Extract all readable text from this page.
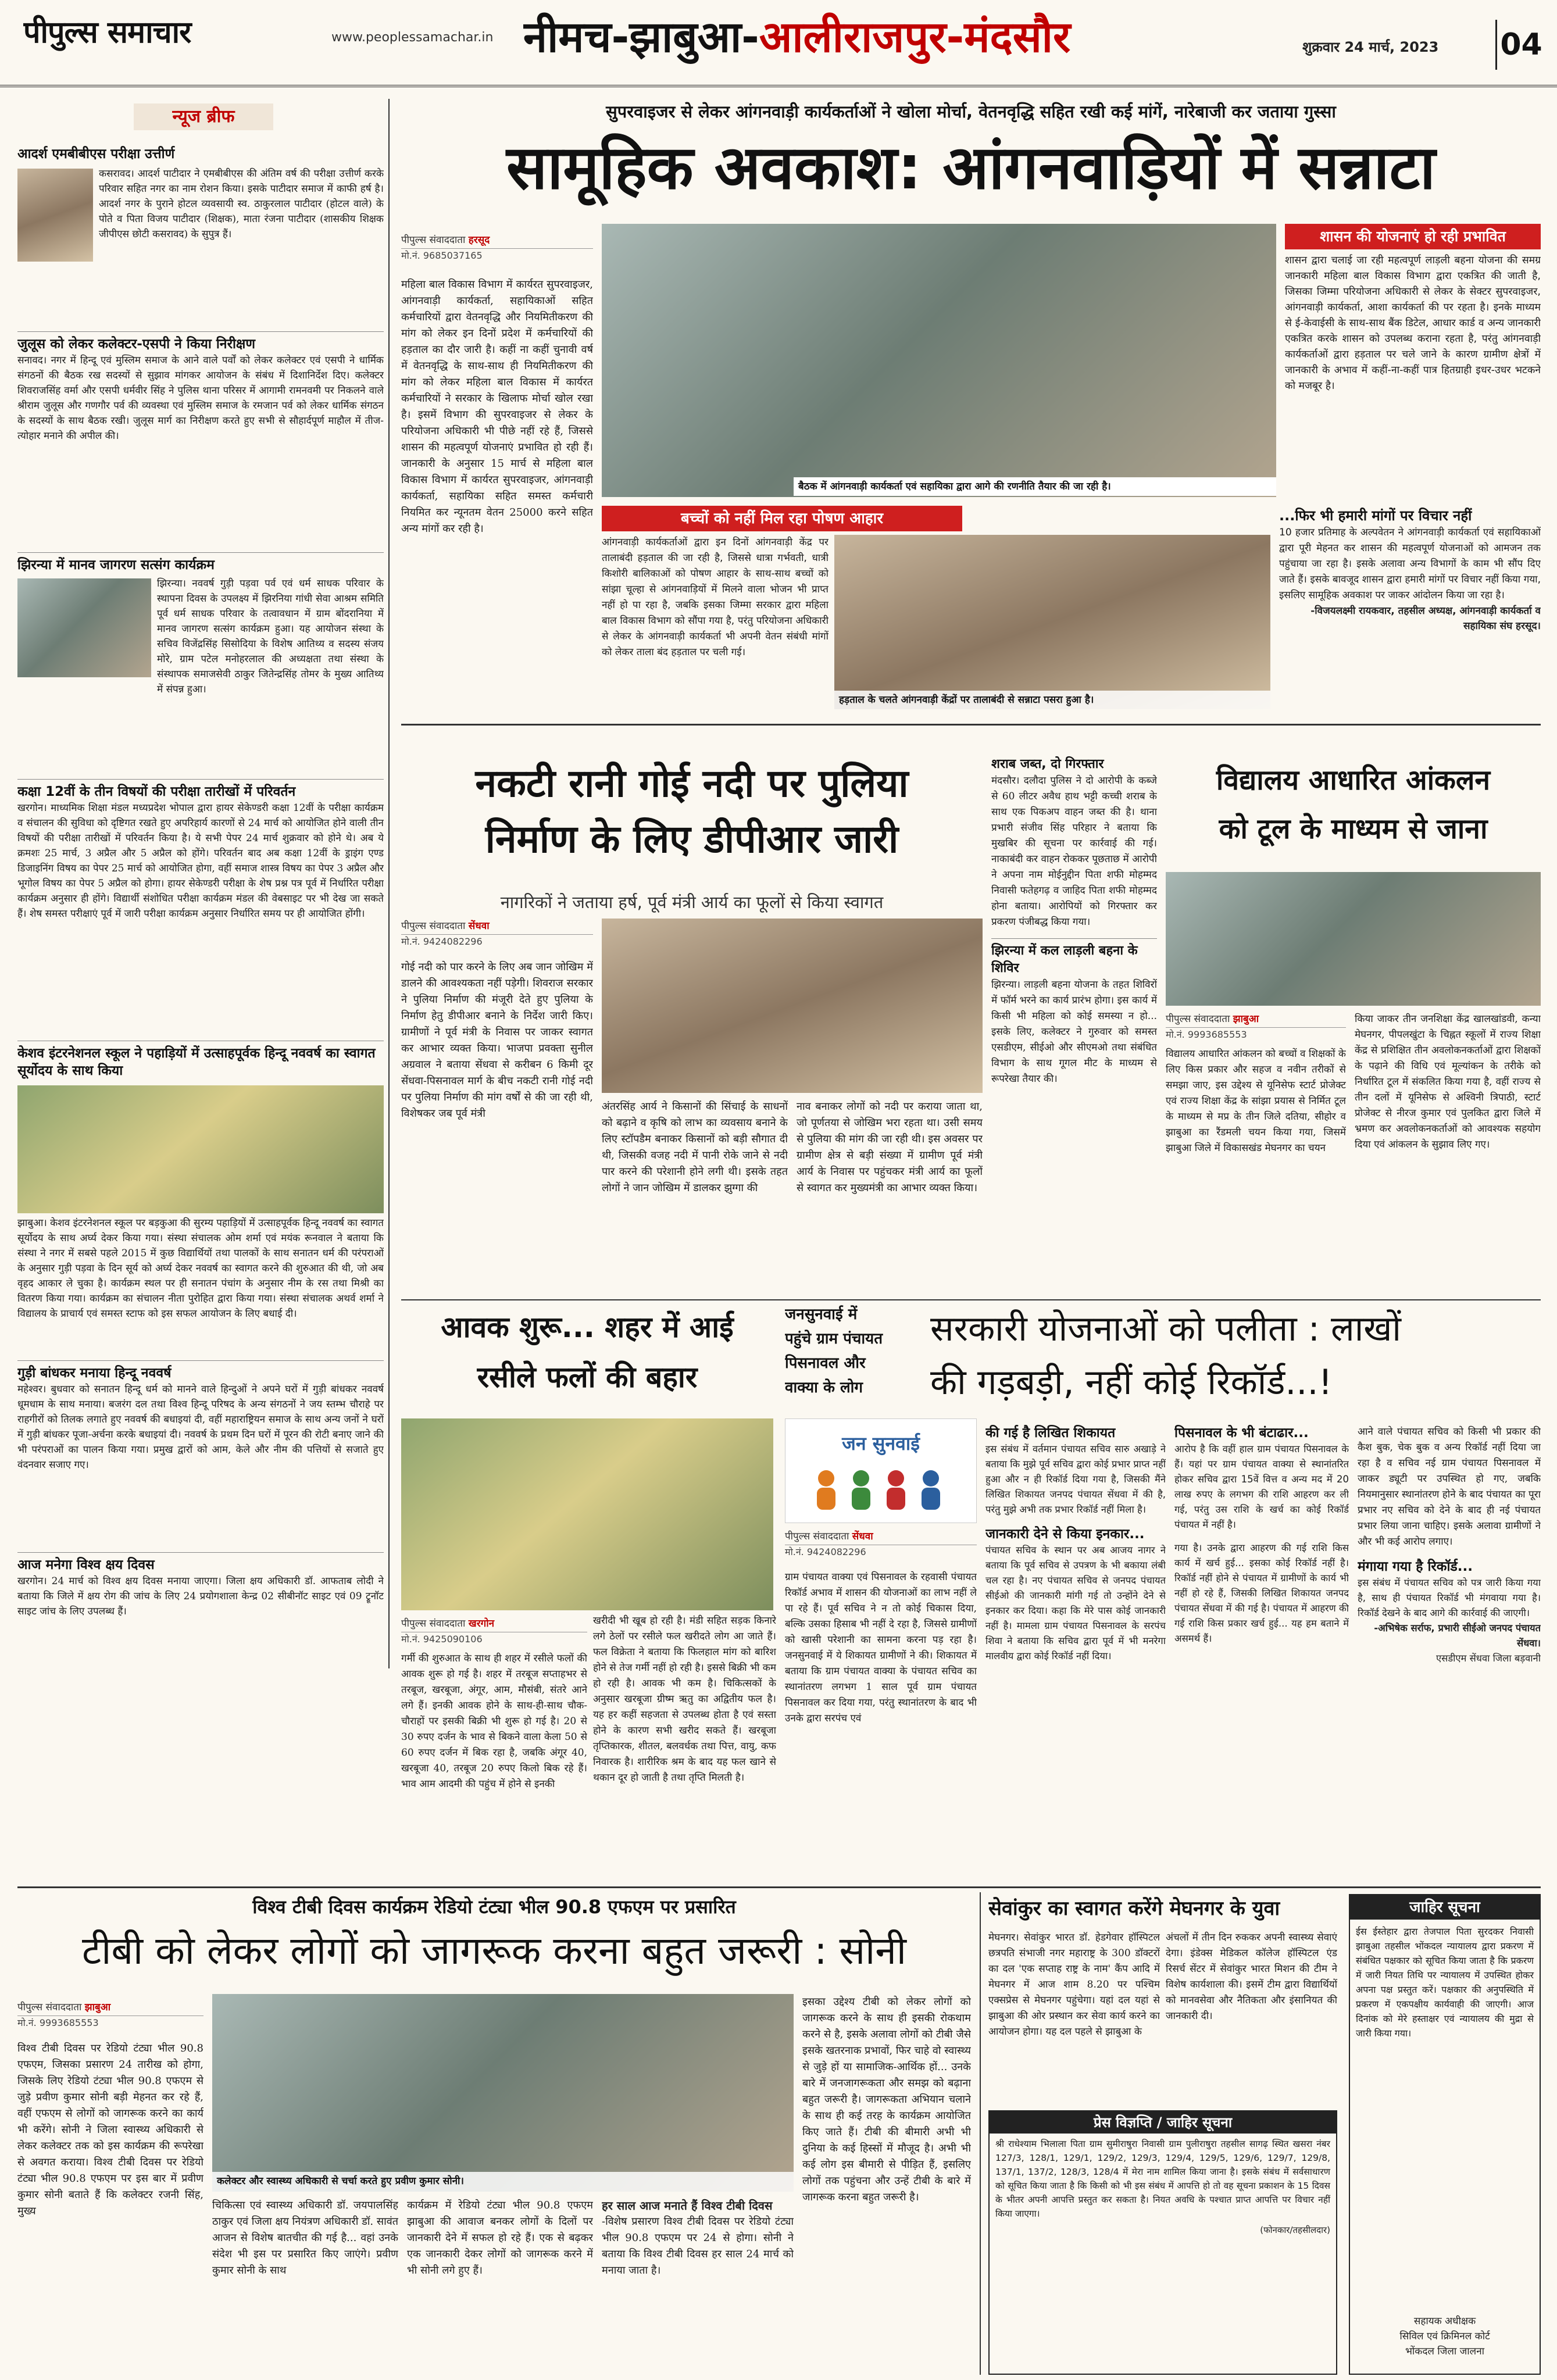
पीपुल्स समाचार	www.peoplessamachar.in नीमच-झाबुआ-आलीराजपुर-मंदसौर	शुक्रवार 24 मार्च, 2023	04
न्यूज ब्रीफ
आदर्श एमबीबीएस परीक्षा उत्तीर्ण
कसरावद। आदर्श पाटीदार ने एमबीबीएस की अंतिम वर्ष की परीक्षा उत्तीर्ण करके परिवार सहित नगर का नाम रोशन किया। इसके पाटीदार समाज में काफी हर्ष है। आदर्श नगर के पुराने होटल व्यवसायी स्व. ठाकुरलाल पाटीदार (होटल वाले) के पोते व पिता विजय पाटीदार (शिक्षक), माता रंजना पाटीदार (शासकीय शिक्षक जीपीएस छोटी कसरावद) के सुपुत्र हैं।
जुलूस को लेकर कलेक्टर-एसपी ने किया निरीक्षण
सनावद। नगर में हिन्दू एवं मुस्लिम समाज के आने वाले पर्वों को लेकर कलेक्टर एवं एसपी ने धार्मिक संगठनों की बैठक रख सदस्यों से सुझाव मांगकर आयोजन के संबंध में दिशानिर्देश दिए। कलेक्टर शिवराजसिंह वर्मा और एसपी धर्मवीर सिंह ने पुलिस थाना परिसर में आगामी रामनवमी पर निकलने वाले श्रीराम जुलूस और गणगौर पर्व की व्यवस्था एवं मुस्लिम समाज के रमजान पर्व को लेकर धार्मिक संगठन के सदस्यों के साथ बैठक रखी। जुलूस मार्ग का निरीक्षण करते हुए सभी से सौहार्दपूर्ण माहौल में तीज-त्योहार मनाने की अपील की।
झिरन्या में मानव जागरण सत्संग कार्यक्रम
झिरन्या। नववर्ष गुड़ी पड़वा पर्व एवं धर्म साधक परिवार के स्थापना दिवस के उपलक्ष्य में झिरनिया गांधी सेवा आश्रम समिति पूर्व धर्म साधक परिवार के तत्वावधान में ग्राम बोंदरानिया में मानव जागरण सत्संग कार्यक्रम हुआ। यह आयोजन संस्था के सचिव विजेंद्रसिंह सिसोदिया के विशेष आतिथ्य व सदस्य संजय मोरे, ग्राम पटेल मनोहरलाल की अध्यक्षता तथा संस्था के संस्थापक समाजसेवी ठाकुर जितेन्द्रसिंह तोमर के मुख्य आतिथ्य में संपन्न हुआ।
कक्षा 12वीं के तीन विषयों की परीक्षा तारीखों में परिवर्तन
खरगोन। माध्यमिक शिक्षा मंडल मध्यप्रदेश भोपाल द्वारा हायर सेकेण्डरी कक्षा 12वीं के परीक्षा कार्यक्रम व संचालन की सुविधा को दृष्टिगत रखते हुए अपरिहार्य कारणों से 24 मार्च को आयोजित होने वाली तीन विषयों की परीक्षा तारीखों में परिवर्तन किया है। ये सभी पेपर 24 मार्च शुक्रवार को होने थे। अब ये क्रमशः 25 मार्च, 3 अप्रैल और 5 अप्रैल को होंगे। परिवर्तन बाद अब कक्षा 12वीं के ड्राइंग एण्ड डिजाइनिंग विषय का पेपर 25 मार्च को आयोजित होगा, वहीं समाज शास्त्र विषय का पेपर 3 अप्रैल और भूगोल विषय का पेपर 5 अप्रैल को होगा। हायर सेकेण्डरी परीक्षा के शेष प्रश्न पत्र पूर्व में निर्धारित परीक्षा कार्यक्रम अनुसार ही होंगे। विद्यार्थी संशोधित परीक्षा कार्यक्रम मंडल की वेबसाइट पर भी देख जा सकते हैं। शेष समस्त परीक्षाएं पूर्व में जारी परीक्षा कार्यक्रम अनुसार निर्धारित समय पर ही आयोजित होंगी।
केशव इंटरनेशनल स्कूल ने पहाड़ियों में उत्साहपूर्वक हिन्दू नववर्ष का स्वागत सूर्योदय के साथ किया
झाबुआ। केशव इंटरनेशनल स्कूल पर बड़कुआ की सुरम्य पहाड़ियों में उत्साहपूर्वक हिन्दू नववर्ष का स्वागत सूर्योदय के साथ अर्घ्य देकर किया गया। संस्था संचालक ओम शर्मा एवं मयंक रूनवाल ने बताया कि संस्था ने नगर में सबसे पहले 2015 में कुछ विद्यार्थियों तथा पालकों के साथ सनातन धर्म की परंपराओं के अनुसार गुड़ी पड़वा के दिन सूर्य को अर्घ्य देकर नववर्ष का स्वागत करने की शुरुआत की थी, जो अब वृहद आकार ले चुका है। कार्यक्रम स्थल पर ही सनातन पंचांग के अनुसार नीम के रस तथा मिश्री का वितरण किया गया। कार्यक्रम का संचालन नीता पुरोहित द्वारा किया गया। संस्था संचालक अथर्व शर्मा ने विद्यालय के प्राचार्य एवं समस्त स्टाफ को इस सफल आयोजन के लिए बधाई दी।
गुड़ी बांधकर मनाया हिन्दू नववर्ष
महेश्वर। बुधवार को सनातन हिन्दू धर्म को मानने वाले हिन्दुओं ने अपने घरों में गुड़ी बांधकर नववर्ष धूमधाम के साथ मनाया। बजरंग दल तथा विश्व हिन्दू परिषद के अन्य संगठनों ने जय स्तम्भ चौराहे पर राहगीरों को तिलक लगाते हुए नववर्ष की बधाइयां दी, वहीं महाराष्ट्रियन समाज के साथ अन्य जनों ने घरों में गुड़ी बांधकर पूजा-अर्चना करके बधाइयां दी। नववर्ष के प्रथम दिन घरों में पूरन की रोटी बनाए जाने की भी परंपराओं का पालन किया गया। प्रमुख द्वारों को आम, केले और नीम की पत्तियों से सजाते हुए वंदनवार सजाए गए।
आज मनेगा विश्व क्षय दिवस
खरगोन। 24 मार्च को विश्व क्षय दिवस मनाया जाएगा। जिला क्षय अधिकारी डॉ. आफताब लोदी ने बताया कि जिले में क्षय रोग की जांच के लिए 24 प्रयोगशाला केन्द्र 02 सीबीनॉट साइट एवं 09 ट्रूनॉट साइट जांच के लिए उपलब्ध हैं।
सुपरवाइजर से लेकर आंगनवाड़ी कार्यकर्ताओं ने खोला मोर्चा, वेतनवृद्धि सहित रखी कई मांगें, नारेबाजी कर जताया गुस्सा
सामूहिक अवकाश: आंगनवाड़ियों में सन्नाटा
पीपुल्स संवाददाता हरसूद
मो.नं. 9685037165
महिला बाल विकास विभाग में कार्यरत सुपरवाइजर, आंगनवाड़ी कार्यकर्ता, सहायिकाओं सहित कर्मचारियों द्वारा वेतनवृद्धि और नियमितीकरण की मांग को लेकर इन दिनों प्रदेश में कर्मचारियों की हड़ताल का दौर जारी है। कहीं ना कहीं चुनावी वर्ष में वेतनवृद्धि के साथ-साथ ही नियमितीकरण की मांग को लेकर महिला बाल विकास में कार्यरत कर्मचारियों ने सरकार के खिलाफ मोर्चा खोल रखा है। इसमें विभाग की सुपरवाइजर से लेकर के परियोजना अधिकारी भी पीछे नहीं रहे हैं, जिससे शासन की महत्वपूर्ण योजनाएं प्रभावित हो रही हैं। जानकारी के अनुसार 15 मार्च से महिला बाल विकास विभाग में कार्यरत सुपरवाइजर, आंगनवाड़ी कार्यकर्ता, सहायिका सहित समस्त कर्मचारी नियमित कर न्यूनतम वेतन 25000 करने सहित अन्य मांगों कर रही है।
बैठक में आंगनवाड़ी कार्यकर्ता एवं सहायिका द्वारा आगे की रणनीति तैयार की जा रही है।
शासन की योजनाएं हो रही प्रभावित
शासन द्वारा चलाई जा रही महत्वपूर्ण लाड़ली बहना योजना की समग्र जानकारी महिला बाल विकास विभाग द्वारा एकत्रित की जाती है, जिसका जिम्मा परियोजना अधिकारी से लेकर के सेक्टर सुपरवाइजर, आंगनवाड़ी कार्यकर्ता, आशा कार्यकर्ता की पर रहता है। इनके माध्यम से ई-केवाईसी के साथ-साथ बैंक डिटेल, आधार कार्ड व अन्य जानकारी एकत्रित करके शासन को उपलब्ध कराना रहता है, परंतु आंगनवाड़ी कार्यकर्ताओं द्वारा हड़ताल पर चले जाने के कारण ग्रामीण क्षेत्रों में जानकारी के अभाव में कहीं-ना-कहीं पात्र हितग्राही इधर-उधर भटकने को मजबूर है।
बच्चों को नहीं मिल रहा पोषण आहार
आंगनवाड़ी कार्यकर्ताओं द्वारा इन दिनों आंगनवाड़ी केंद्र पर तालाबंदी हड़ताल की जा रही है, जिससे धात्रा गर्भवती, धात्री किशोरी बालिकाओं को पोषण आहार के साथ-साथ बच्चों को सांझा चूल्हा से आंगनवाड़ियों में मिलने वाला भोजन भी प्राप्त नहीं हो पा रहा है, जबकि इसका जिम्मा सरकार द्वारा महिला बाल विकास विभाग को सौंपा गया है, परंतु परियोजना अधिकारी से लेकर के आंगनवाड़ी कार्यकर्ता भी अपनी वेतन संबंधी मांगों को लेकर ताला बंद हड़ताल पर चली गई।
हड़ताल के चलते आंगनवाड़ी केंद्रों पर तालाबंदी से सन्नाटा पसरा हुआ है।
...फिर भी हमारी मांगों पर विचार नहीं
10 हजार प्रतिमाह के अल्पवेतन ने आंगनवाड़ी कार्यकर्ता एवं सहायिकाओं द्वारा पूरी मेहनत कर शासन की महत्वपूर्ण योजनाओं को आमजन तक पहुंचाया जा रहा है। इसके अलावा अन्य विभागों के काम भी सौंप दिए जाते हैं। इसके बावजूद शासन द्वारा हमारी मांगों पर विचार नहीं किया गया, इसलिए सामूहिक अवकाश पर जाकर आंदोलन किया जा रहा है।
-विजयलक्ष्मी रायकवार, तहसील अध्यक्ष, आंगनवाड़ी कार्यकर्ता व सहायिका संघ हरसूद।
नकटी रानी गोई नदी पर पुलिया
निर्माण के लिए डीपीआर जारी
नागरिकों ने जताया हर्ष, पूर्व मंत्री आर्य का फूलों से किया स्वागत
पीपुल्स संवाददाता सेंधवा
मो.नं. 9424082296
गोई नदी को पार करने के लिए अब जान जोखिम में डालने की आवश्यकता नहीं पड़ेगी। शिवराज सरकार ने पुलिया निर्माण की मंजूरी देते हुए पुलिया के निर्माण हेतु डीपीआर बनाने के निर्देश जारी किए। ग्रामीणों ने पूर्व मंत्री के निवास पर जाकर स्वागत कर आभार व्यक्त किया। भाजपा प्रवक्ता सुनील अग्रवाल ने बताया सेंधवा से करीबन 6 किमी दूर सेंधवा-पिसनावल मार्ग के बीच नकटी रानी गोई नदी पर पुलिया निर्माण की मांग वर्षों से की जा रही थी, विशेषकर जब पूर्व मंत्री
अंतरसिंह आर्य ने किसानों की सिंचाई के साधनों को बढ़ाने व कृषि को लाभ का व्यवसाय बनाने के लिए स्टॉपडैम बनाकर किसानों को बड़ी सौगात दी थी, जिसकी वजह नदी में पानी रोके जाने से नदी पार करने की परेशानी होने लगी थी। इसके तहत लोगों ने जान जोखिम में डालकर झुग्गा की
नाव बनाकर लोगों को नदी पर कराया जाता था, जो पूर्णतया से जोखिम भरा रहता था। उसी समय से पुलिया की मांग की जा रही थी। इस अवसर पर ग्रामीण क्षेत्र से बड़ी संख्या में ग्रामीण पूर्व मंत्री आर्य के निवास पर पहुंचकर मंत्री आर्य का फूलों से स्वागत कर मुख्यमंत्री का आभार व्यक्त किया।
शराब जब्त, दो गिरफ्तार
मंदसौर। दलौदा पुलिस ने दो आरोपी के कब्जे से 60 लीटर अवैध हाथ भट्टी कच्ची शराब के साथ एक पिकअप वाहन जब्त की है। थाना प्रभारी संजीव सिंह परिहार ने बताया कि मुखबिर की सूचना पर कार्रवाई की गई। नाकाबंदी कर वाहन रोककर पूछताछ में आरोपी ने अपना नाम मोईनुद्दीन पिता शफी मोहम्मद निवासी फतेहगढ़ व जाहिद पिता शफी मोहम्मद होना बताया। आरोपियों को गिरफ्तार कर प्रकरण पंजीबद्ध किया गया।
झिरन्या में कल लाड़ली बहना के शिविर
झिरन्या। लाड़ली बहना योजना के तहत शिविरों में फॉर्म भरने का कार्य प्रारंभ होगा। इस कार्य में किसी भी महिला को कोई समस्या न हो... इसके लिए, कलेक्टर ने गुरुवार को समस्त एसडीएम, सीईओ और सीएमओ तथा संबंधित विभाग के साथ गूगल मीट के माध्यम से रूपरेखा तैयार की।
विद्यालय आधारित आंकलन
को टूल के माध्यम से जाना
पीपुल्स संवाददाता झाबुआ
मो.नं. 9993685553
विद्यालय आधारित आंकलन को बच्चों व शिक्षकों के लिए किस प्रकार और सहज व नवीन तरीकों से समझा जाए, इस उद्देश्य से यूनिसेफ स्टार्ट प्रोजेक्ट एवं राज्य शिक्षा केंद्र के सांझा प्रयास से निर्मित टूल के माध्यम से मप्र के तीन जिले दतिया, सीहोर व झाबुआ का रैंडमली चयन किया गया, जिसमें झाबुआ जिले में विकासखंड मेघनगर का चयन
किया जाकर तीन जनशिक्षा केंद्र खालखांडवी, कन्या मेघनगर, पीपलखुंटा के चिह्नत स्कूलों में राज्य शिक्षा केंद्र से प्रशिक्षित तीन अवलोकनकर्ताओं द्वारा शिक्षकों के पढ़ाने की विधि एवं मूल्यांकन के तरीके को निर्धारित टूल में संकलित किया गया है, वहीं राज्य से तीन दलों में यूनिसेफ से अश्विनी त्रिपाठी, स्टार्ट प्रोजेक्ट से नीरज कुमार एवं पुलकित द्वारा जिले में भ्रमण कर अवलोकनकर्ताओं को आवश्यक सहयोग दिया एवं आंकलन के सुझाव लिए गए।
आवक शुरू... शहर में आई
रसीले फलों की बहार
पीपुल्स संवाददाता खरगोन
मो.नं. 9425090106
गर्मी की शुरुआत के साथ ही शहर में रसीले फलों की आवक शुरू हो गई है। शहर में तरबूज सप्ताहभर से तरबूज, खरबूजा, अंगूर, आम, मौसंबी, संतरे आने लगे हैं। इनकी आवक होने के साथ-ही-साथ चौक-चौराहों पर इसकी बिक्री भी शुरू हो गई है। 20 से 30 रुपए दर्जन के भाव से बिकने वाला केला 50 से 60 रुपए दर्जन में बिक रहा है, जबकि अंगूर 40, खरबूजा 40, तरबूज 20 रुपए किलो बिक रहे हैं। भाव आम आदमी की पहुंच में होने से इनकी
खरीदी भी खूब हो रही है। मंडी सहित सड़क किनारे लगे ठेलों पर रसीले फल खरीदते लोग आ जाते हैं। फल विक्रेता ने बताया कि फिलहाल मांग को बारिश होने से तेज गर्मी नहीं हो रही है। इससे बिक्री भी कम हो रही है। आवक भी कम है। चिकित्सकों के अनुसार खरबूजा ग्रीष्म ऋतु का अद्वितीय फल है। यह हर कहीं सहजता से उपलब्ध होता है एवं सस्ता होने के कारण सभी खरीद सकते हैं। खरबूजा तृप्तिकारक, शीतल, बलवर्धक तथा पित्त, वायु, कफ निवारक है। शारीरिक श्रम के बाद यह फल खाने से थकान दूर हो जाती है तथा तृप्ति मिलती है।
जनसुनवाई में
पहुंचे ग्राम पंचायत
पिसनावल और
वाक्या के लोग
सरकारी योजनाओं को पलीता : लाखों
की गड़बड़ी, नहीं कोई रिकॉर्ड...!
जन सुनवाई
पीपुल्स संवाददाता सेंधवा
मो.नं. 9424082296
ग्राम पंचायत वाक्या एवं पिसनावल के रहवासी पंचायत रिकॉर्ड अभाव में शासन की योजनाओं का लाभ नहीं ले पा रहे हैं। पूर्व सचिव ने न तो कोई चिकास दिया, बल्कि उसका हिसाब भी नहीं दे रहा है, जिससे ग्रामीणों को खासी परेशानी का सामना करना पड़ रहा है। जनसुनवाई में ये शिकायत ग्रामीणों ने की। शिकायत में बताया कि ग्राम पंचायत वाक्या के पंचायत सचिव का स्थानांतरण लगभग 1 साल पूर्व ग्राम पंचायत पिसनावल कर दिया गया, परंतु स्थानांतरण के बाद भी उनके द्वारा सरपंच एवं
की गई है लिखित शिकायत
इस संबंध में वर्तमान पंचायत सचिव सारु अखाड़े ने बताया कि मुझे पूर्व सचिव द्वारा कोई प्रभार प्राप्त नहीं हुआ और न ही रिकॉर्ड दिया गया है, जिसकी मैंने लिखित शिकायत जनपद पंचायत सेंधवा में की है, परंतु मुझे अभी तक प्रभार रिकॉर्ड नहीं मिला है।
जानकारी देने से किया इनकार...
पंचायत सचिव के स्थान पर अब आजय नागर ने बताया कि पूर्व सचिव से उपत्रण के भी बकाया लंबी चल रहा है। नए पंचायत सचिव से जनपद पंचायत सीईओ की जानकारी मांगी गई तो उन्होंने देने से इनकार कर दिया। कहा कि मेरे पास कोई जानकारी नहीं है। मामला ग्राम पंचायत पिसनावल के सरपंच शिवा ने बताया कि सचिव द्वारा पूर्व में भी मनरेगा मालवीय द्वारा कोई रिकॉर्ड नहीं दिया।
पिसनावल के भी बंटाढार...
आरोप है कि वहीं हाल ग्राम पंचायत पिसनावल के हैं। यहां पर ग्राम पंचायत वाक्या से स्थानांतरित होकर सचिव द्वारा 15वें वित्त व अन्य मद में 20 लाख रुपए के लगभग की राशि आहरण कर ली गई, परंतु उस राशि के खर्च का कोई रिकॉर्ड पंचायत में नहीं है।
गया है। उनके द्वारा आहरण की गई राशि किस कार्य में खर्च हुई... इसका कोई रिकॉर्ड नहीं है। रिकॉर्ड नहीं होने से पंचायत में ग्रामीणों के कार्य भी नहीं हो रहे हैं, जिसकी लिखित शिकायत जनपद पंचायत सेंधवा में की गई है। पंचायत में आहरण की गई राशि किस प्रकार खर्च हुई... यह हम बताने में असमर्थ हैं।
आने वाले पंचायत सचिव को किसी भी प्रकार की कैश बुक, चेक बुक व अन्य रिकॉर्ड नहीं दिया जा रहा है व सचिव नई ग्राम पंचायत पिसनावल में जाकर ड्यूटी पर उपस्थित हो गए, जबकि नियमानुसार स्थानांतरण होने के बाद पंचायत का पूरा प्रभार नए सचिव को देने के बाद ही नई पंचायत प्रभार लिया जाना चाहिए। इसके अलावा ग्रामीणों ने और भी कई आरोप लगाए।
मंगाया गया है रिकॉर्ड...
इस संबंध में पंचायत सचिव को पत्र जारी किया गया है, साथ ही पंचायत रिकॉर्ड भी मंगवाया गया है। रिकॉर्ड देखने के बाद आगे की कार्रवाई की जाएगी।
-अभिषेक सर्राफ, प्रभारी सीईओ जनपद पंचायत सेंधवा।
एसडीएम सेंधवा जिला बड़वानी
विश्व टीबी दिवस कार्यक्रम रेडियो टंट्या भील 90.8 एफएम पर प्रसारित
टीबी को लेकर लोगों को जागरूक करना बहुत जरूरी : सोनी
पीपुल्स संवाददाता झाबुआ
मो.नं. 9993685553
विश्व टीबी दिवस पर रेडियो टंट्या भील 90.8 एफएम, जिसका प्रसारण 24 तारीख को होगा, जिसके लिए रेडियो टंट्या भील 90.8 एफएम से जुड़े प्रवीण कुमार सोनी बड़ी मेहनत कर रहे हैं, वहीं एफएम से लोगों को जागरूक करने का कार्य भी करेंगे। सोनी ने जिला स्वास्थ्य अधिकारी से लेकर कलेक्टर तक को इस कार्यक्रम की रूपरेखा से अवगत कराया। विश्व टीबी दिवस पर रेडियो टंट्या भील 90.8 एफएम पर इस बार में प्रवीण कुमार सोनी बताते हैं कि कलेक्टर रजनी सिंह, मुख्य
कलेक्टर और स्वास्थ्य अधिकारी से चर्चा करते हुए प्रवीण कुमार सोनी।
चिकित्सा एवं स्वास्थ्य अधिकारी डॉ. जयपालसिंह ठाकुर एवं जिला क्षय नियंत्रण अधिकारी डॉ. सावंत आजन से विशेष बातचीत की गई है... वहां उनके संदेश भी इस पर प्रसारित किए जाएंगे। प्रवीण कुमार सोनी के साथ
कार्यक्रम में रेडियो टंट्या भील 90.8 एफएम झाबुआ की आवाज बनकर लोगों के दिलों पर जानकारी देने में सफल हो रहे हैं। एक से बढ़कर एक जानकारी देकर लोगों को जागरूक करने में भी सोनी लगे हुए हैं।
हर साल आज मनाते हैं विश्व टीबी दिवस
-विशेष प्रसारण विश्व टीबी दिवस पर रेडियो टंट्या भील 90.8 एफएम पर 24 से होगा। सोनी ने बताया कि विश्व टीबी दिवस हर साल 24 मार्च को मनाया जाता है।
इसका उद्देश्य टीबी को लेकर लोगों को जागरूक करने के साथ ही इसकी रोकथाम करने से है, इसके अलावा लोगों को टीबी जैसे इसके खतरनाक प्रभावों, फिर चाहे वो स्वास्थ्य से जुड़े हों या सामाजिक-आर्थिक हों... उनके बारे में जनजागरूकता और समझ को बढ़ाना बहुत जरूरी है। जागरूकता अभियान चलाने के साथ ही कई तरह के कार्यक्रम आयोजित किए जाते हैं। टीबी की बीमारी अभी भी दुनिया के कई हिस्सों में मौजूद है। अभी भी कई लोग इस बीमारी से पीड़ित हैं, इसलिए लोगों तक पहुंचना और उन्हें टीबी के बारे में जागरूक करना बहुत जरूरी है।
सेवांकुर का स्वागत करेंगे मेघनगर के युवा
मेघनगर। सेवांकुर भारत डॉ. हेडगेवार हॉस्पिटल छत्रपति संभाजी नगर महाराष्ट्र के 300 डॉक्टरों का दल 'एक सप्ताह राष्ट्र के नाम' कैंप आदि में मेघनगर में आज शाम 8.20 पर पश्चिम एक्सप्रेस से मेघनगर पहुंचेगा। यहां दल यहां से झाबुआ की ओर प्रस्थान कर सेवा कार्य करने का आयोजन होगा। यह दल पहले से झाबुआ के
अंचलों में तीन दिन रुककर अपनी स्वास्थ्य सेवाएं देगा। इंडेक्स मेडिकल कॉलेज हॉस्पिटल एंड रिसर्च सेंटर में सेवांकुर भारत मिशन की टीम ने विशेष कार्यशाला की। इसमें टीम द्वारा विद्यार्थियों को मानवसेवा और नैतिकता और इंसानियत की जानकारी दी।
प्रेस विज्ञप्ति / जाहिर सूचना
श्री राधेश्याम भिलाला पिता ग्राम सुमीराषुरा निवासी ग्राम पुलीराषुरा तहसील सागढ़ स्थित खसरा नंबर 127/3, 128/1, 129/1, 129/2, 129/3, 129/4, 129/5, 129/6, 129/7, 129/8, 137/1, 137/2, 128/3, 128/4 में मेरा नाम शामिल किया जाना है। इसके संबंध में सर्वसाधारण को सूचित किया जाता है कि किसी को भी इस संबंध में आपत्ति हो तो वह सूचना प्रकाशन के 15 दिवस के भीतर अपनी आपत्ति प्रस्तुत कर सकता है। नियत अवधि के पश्चात प्राप्त आपत्ति पर विचार नहीं किया जाएगा।
(फोनकार/तहसीलदार)
जाहिर सूचना
ईस ईस्तेहार द्वारा तेजपाल पिता सुरदकर निवासी झाबुआ तहसील भोंकदल न्यायालय द्वारा प्रकरण में संबंधित पक्षकार को सूचित किया जाता है कि प्रकरण में जारी नियत तिथि पर न्यायालय में उपस्थित होकर अपना पक्ष प्रस्तुत करें। पक्षकार की अनुपस्थिति में प्रकरण में एकपक्षीय कार्यवाही की जाएगी। आज दिनांक को मेरे हस्ताक्षर एवं न्यायालय की मुद्रा से जारी किया गया।
सहायक अधीक्षक
सिविल एवं क्रिमिनल कोर्ट
भोंकदल जिला जालना
